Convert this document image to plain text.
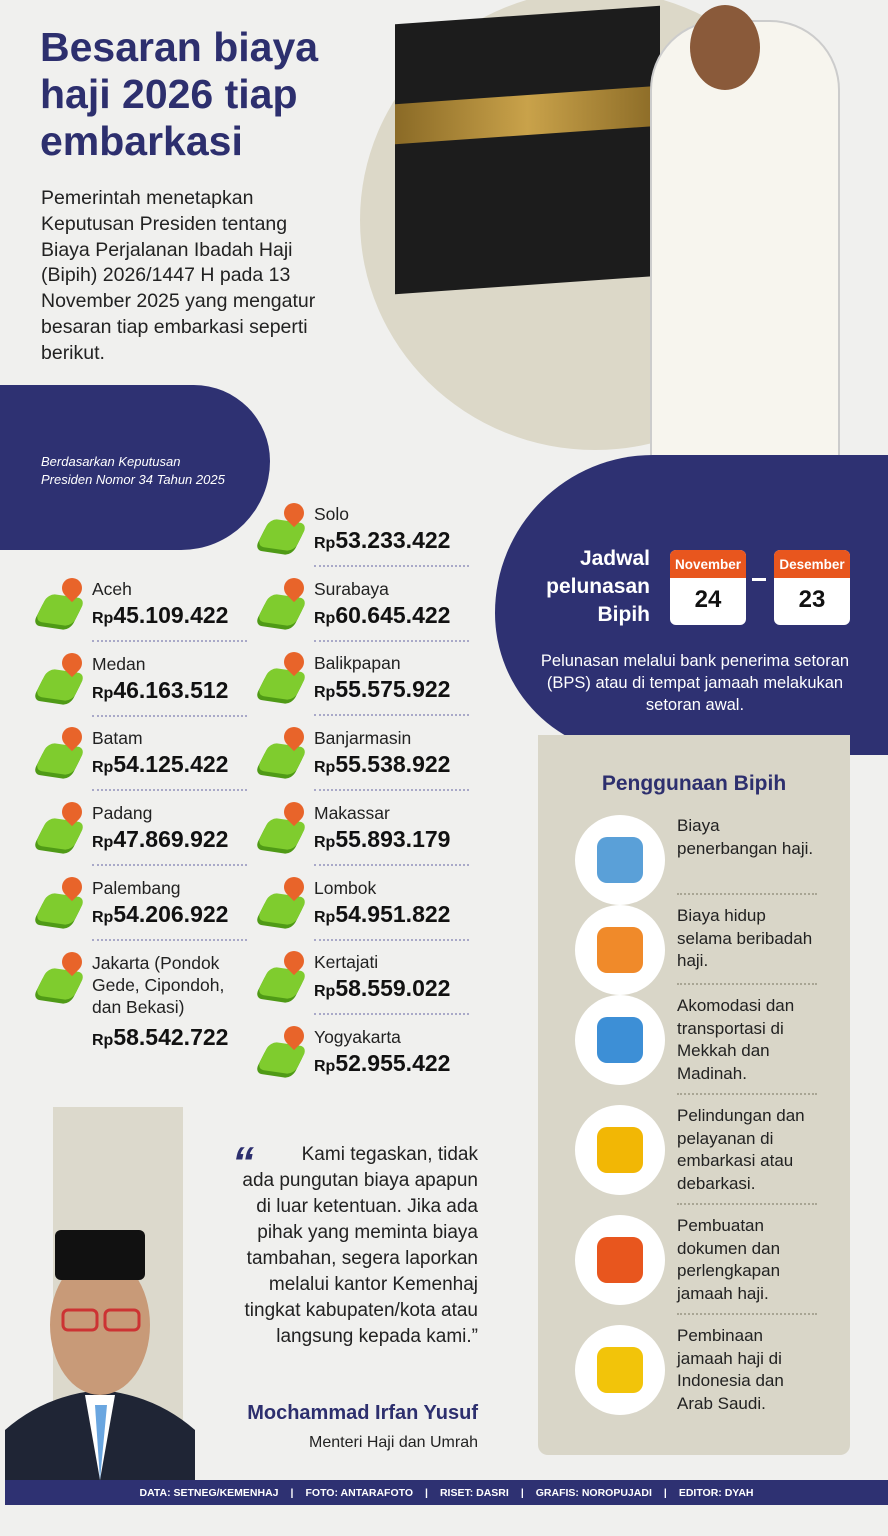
Besaran biaya haji 2026 tiap embarkasi

Pemerintah menetapkan Keputusan Presiden tentang Biaya Perjalanan Ibadah Haji (Bipih) 2026/1447 H pada 13 November 2025 yang mengatur besaran tiap embarkasi seperti berikut.

Berdasarkan Keputusan Presiden Nomor 34 Tahun 2025

Jadwal pelunasan Bipih
November
24
Desember
23

Pelunasan melalui bank penerima setoran (BPS) atau di tempat jamaah melakukan setoran awal.

Aceh
Rp45.109.422
Medan
Rp46.163.512
Batam
Rp54.125.422
Padang
Rp47.869.922
Palembang
Rp54.206.922
Jakarta (Pondok Gede, Cipondoh, dan Bekasi)
Rp58.542.722
Solo
Rp53.233.422
Surabaya
Rp60.645.422
Balikpapan
Rp55.575.922
Banjarmasin
Rp55.538.922
Makassar
Rp55.893.179
Lombok
Rp54.951.822
Kertajati
Rp58.559.022
Yogyakarta
Rp52.955.422
Penggunaan Bipih
Biaya penerbangan haji.
Biaya hidup selama beribadah haji.
Akomodasi dan transportasi di Mekkah dan Madinah.
Pelindungan dan pelayanan di embarkasi atau debarkasi.
Pembuatan dokumen dan perlengkapan jamaah haji.
Pembinaan jamaah haji di Indonesia dan Arab Saudi.
“	Kami tegaskan, tidak ada pungutan biaya apapun di luar ketentuan. Jika ada pihak yang meminta biaya tambahan, segera laporkan melalui kantor Kemenhaj tingkat kabupaten/kota atau langsung kepada kami.”

Mochammad Irfan Yusuf
Menteri Haji dan Umrah
DATA: SETNEG/KEMENHAJ | FOTO: ANTARAFOTO | RISET: DASRI | GRAFIS: NOROPUJADI | EDITOR: DYAH
